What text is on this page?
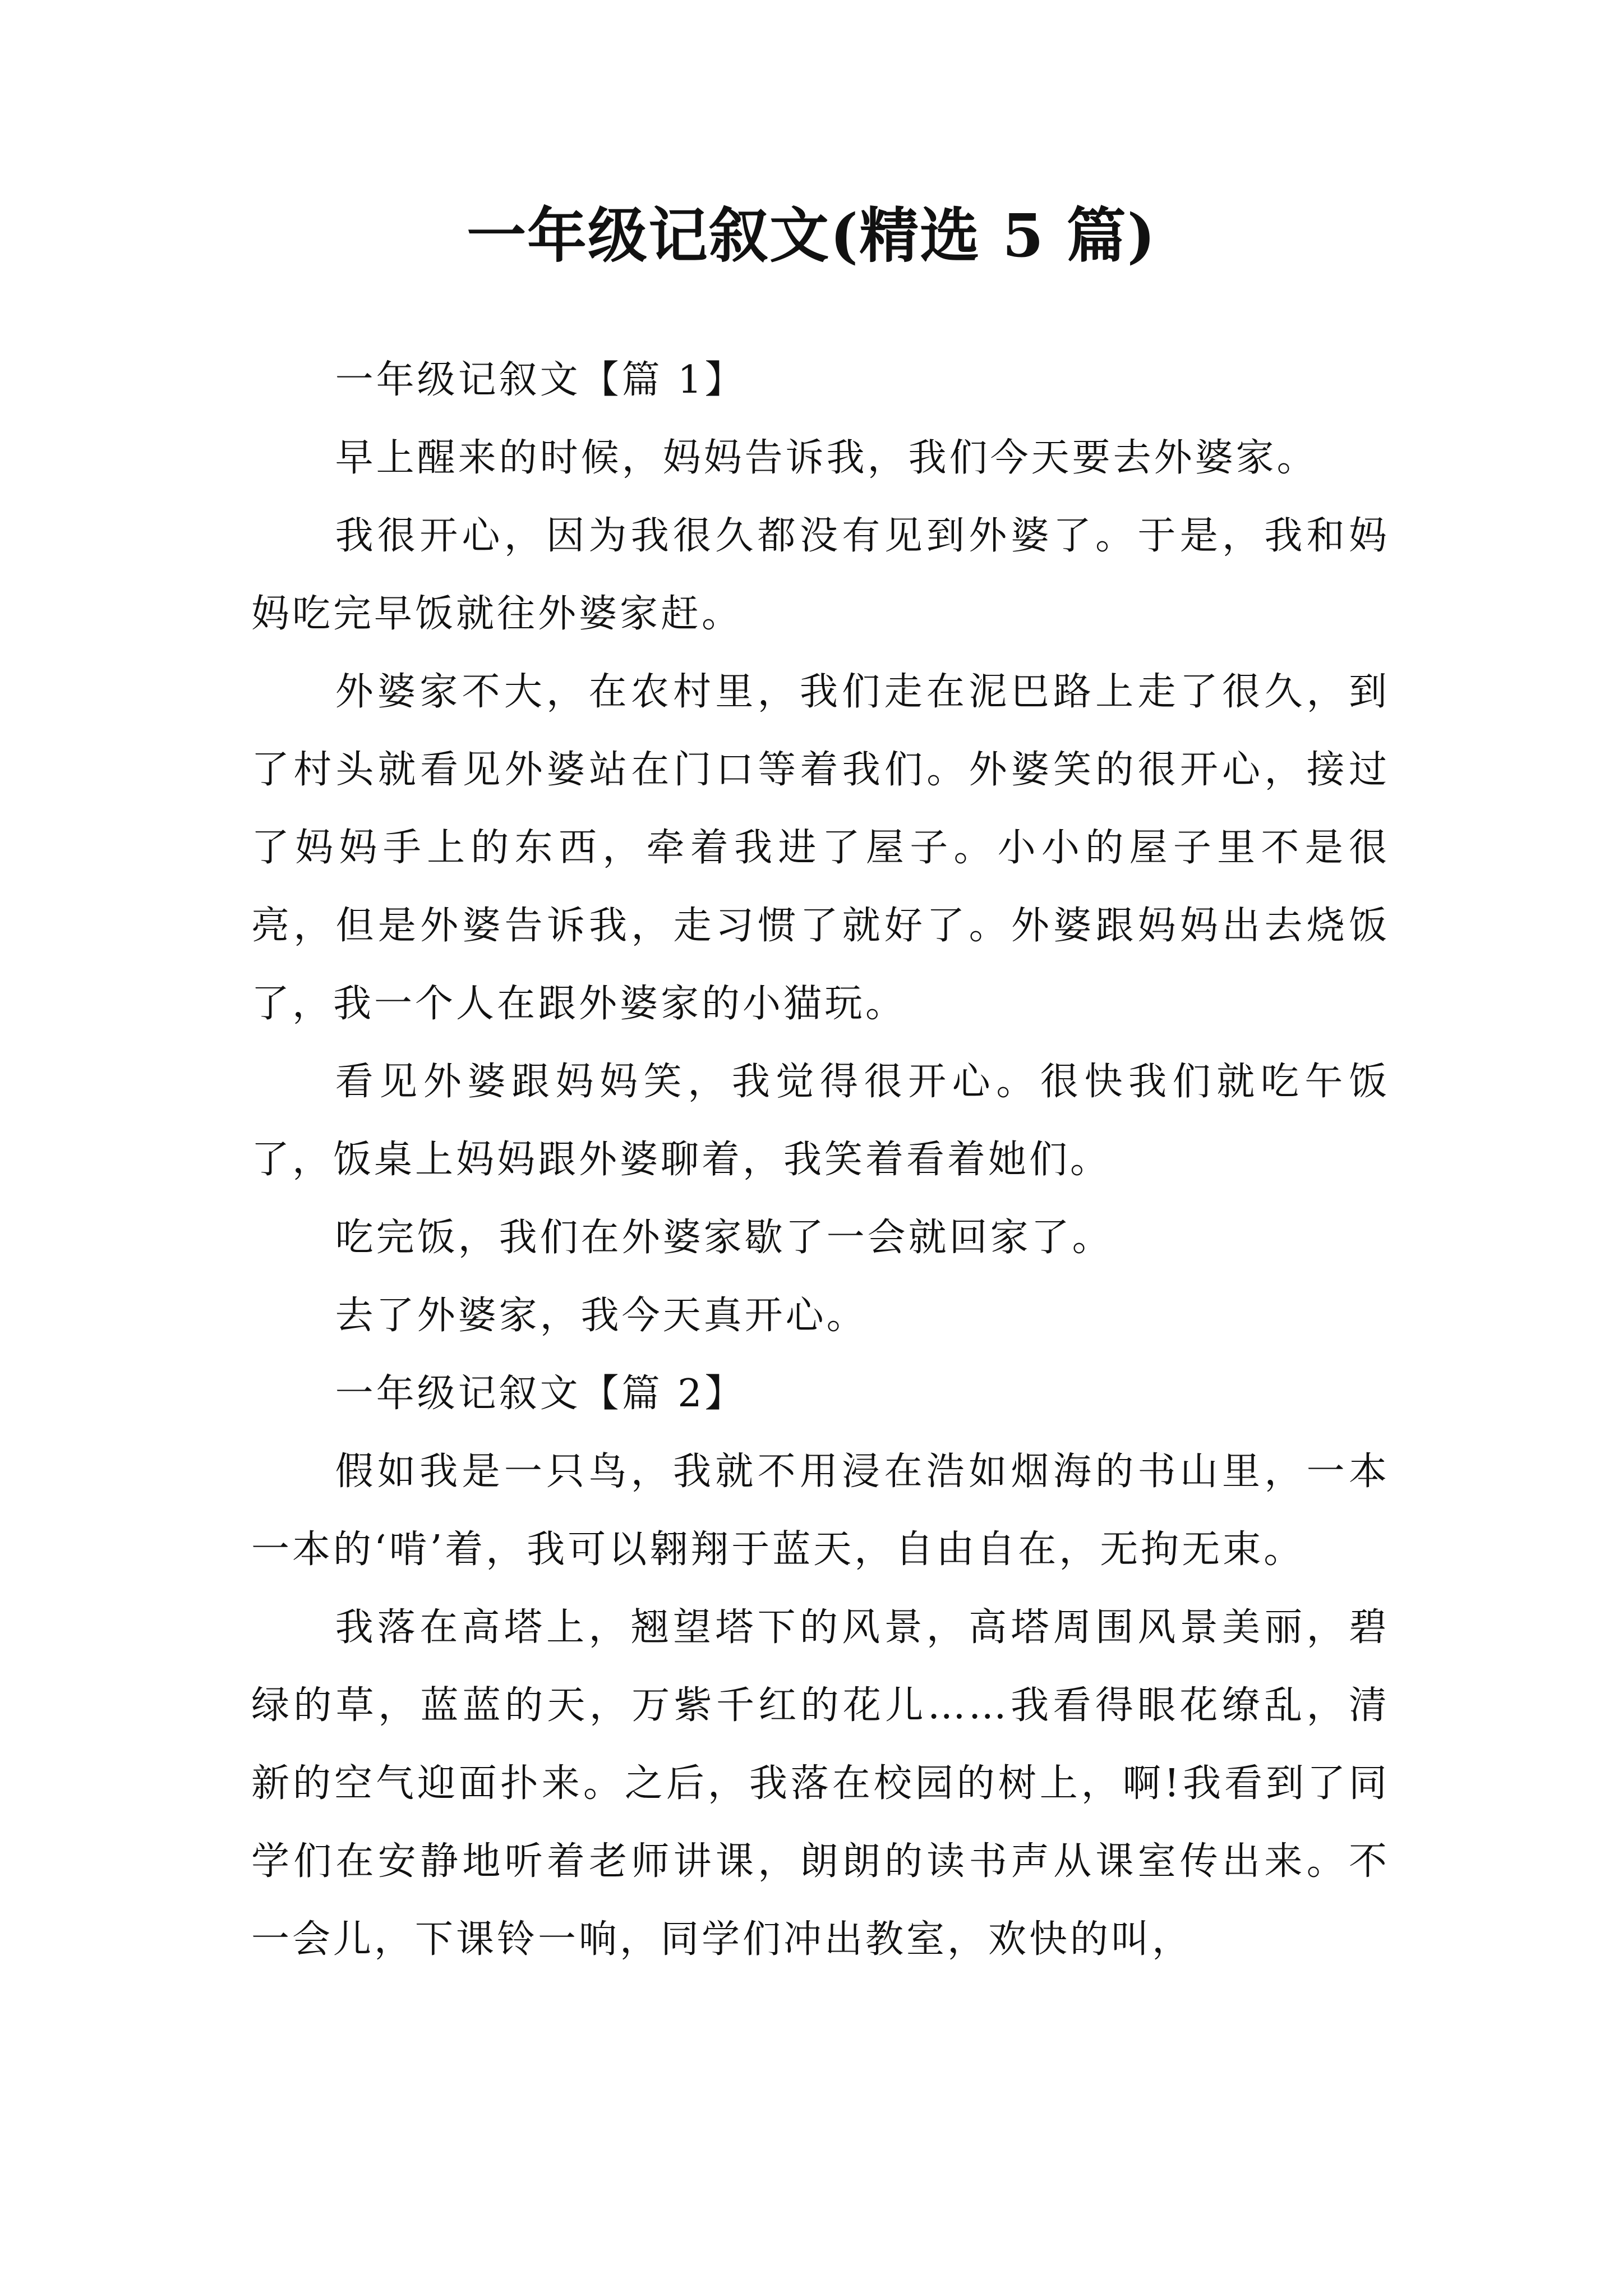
一年级记叙文(精选 5 篇)

一年级记叙文【篇 1】

早上醒来的时候，妈妈告诉我，我们今天要去外婆家。

我很开心，因为我很久都没有见到外婆了。于是，我和妈妈吃完早饭就往外婆家赶。

外婆家不大，在农村里，我们走在泥巴路上走了很久，到了村头就看见外婆站在门口等着我们。外婆笑的很开心，接过了妈妈手上的东西，牵着我进了屋子。小小的屋子里不是很亮，但是外婆告诉我，走习惯了就好了。外婆跟妈妈出去烧饭了，我一个人在跟外婆家的小猫玩。

看见外婆跟妈妈笑，我觉得很开心。很快我们就吃午饭了，饭桌上妈妈跟外婆聊着，我笑着看着她们。

吃完饭，我们在外婆家歇了一会就回家了。

去了外婆家，我今天真开心。

一年级记叙文【篇 2】

假如我是一只鸟，我就不用浸在浩如烟海的书山里，一本一本的‘啃’着，我可以翱翔于蓝天，自由自在，无拘无束。

我落在高塔上，翘望塔下的风景，高塔周围风景美丽，碧绿的草，蓝蓝的天，万紫千红的花儿……我看得眼花缭乱，清新的空气迎面扑来。之后，我落在校园的树上，啊!我看到了同学们在安静地听着老师讲课，朗朗的读书声从课室传出来。不一会儿，下课铃一响，同学们冲出教室，欢快的叫，
